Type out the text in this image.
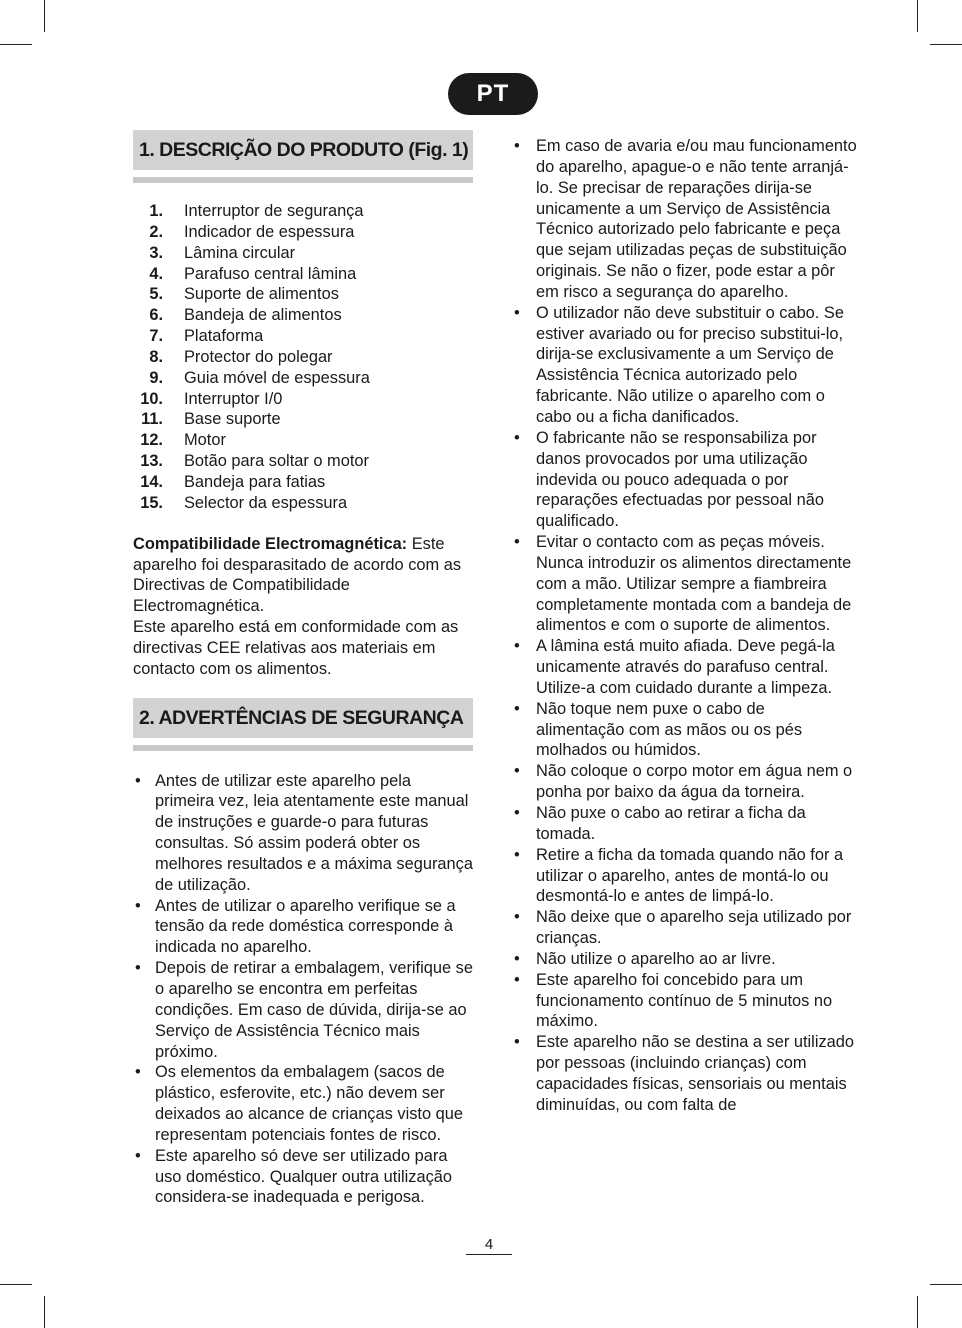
PT
1. DESCRIÇÃO DO PRODUTO (Fig. 1)
1. Interruptor de segurança
2. Indicador de espessura
3. Lâmina circular
4. Parafuso central lâmina
5. Suporte de alimentos
6. Bandeja de alimentos
7. Plataforma
8. Protector do polegar
9. Guia móvel de espessura
10. Interruptor I/0
11. Base suporte
12. Motor
13. Botão para soltar o motor
14. Bandeja para fatias
15. Selector da espessura

Compatibilidade Electromagnética: Este aparelho foi desparasitado de acordo com as Directivas de Compatibilidade Electromagnética.

Este aparelho está em conformidade com as directivas CEE relativas aos materiais em contacto com os alimentos.

2. ADVERTÊNCIAS DE SEGURANÇA
• Antes de utilizar este aparelho pela primeira vez, leia atentamente este manual de instruções e guarde-o para futuras consultas. Só assim poderá obter os melhores resultados e a máxima segurança de utilização.
• Antes de utilizar o aparelho verifique se a tensão da rede doméstica corresponde à indicada no aparelho.
• Depois de retirar a embalagem, verifique se o aparelho se encontra em perfeitas condições. Em caso de dúvida, dirija-se ao Serviço de Assistência Técnico mais próximo.
• Os elementos da embalagem (sacos de plástico, esferovite, etc.) não devem ser deixados ao alcance de crianças visto que representam potenciais fontes de risco.
• Este aparelho só deve ser utilizado para uso doméstico. Qualquer outra utilização considera-se inadequada e perigosa.
• Em caso de avaria e/ou mau funcionamento do aparelho, apague-o e não tente arranjá-lo. Se precisar de reparações dirija-se unicamente a um Serviço de Assistência Técnico autorizado pelo fabricante e peça que sejam utilizadas peças de substituição originais. Se não o fizer, pode estar a pôr em risco a segurança do aparelho.
• O utilizador não deve substituir o cabo. Se estiver avariado ou for preciso substitui-lo, dirija-se exclusivamente a um Serviço de Assistência Técnica autorizado pelo fabricante. Não utilize o aparelho com o cabo ou a ficha danificados.
• O fabricante não se responsabiliza por danos provocados por uma utilização indevida ou pouco adequada o por reparações efectuadas por pessoal não qualificado.
• Evitar o contacto com as peças móveis. Nunca introduzir os alimentos directamente com a mão. Utilizar sempre a fiambreira completamente montada com a bandeja de alimentos e com o suporte de alimentos.
• A lâmina está muito afiada. Deve pegá-la unicamente através do parafuso central. Utilize-a com cuidado durante a limpeza.
• Não toque nem puxe o cabo de alimentação com as mãos ou os pés molhados ou húmidos.
• Não coloque o corpo motor em água nem o ponha por baixo da água da torneira.
• Não puxe o cabo ao retirar a ficha da tomada.
• Retire a ficha da tomada quando não for a utilizar o aparelho, antes de montá-lo ou desmontá-lo e antes de limpá-lo.
• Não deixe que o aparelho seja utilizado por crianças.
• Não utilize o aparelho ao ar livre.
• Este aparelho foi concebido para um funcionamento contínuo de 5 minutos no máximo.
• Este aparelho não se destina a ser utilizado por pessoas (incluindo crianças) com capacidades físicas, sensoriais ou mentais diminuídas, ou com falta de
4
